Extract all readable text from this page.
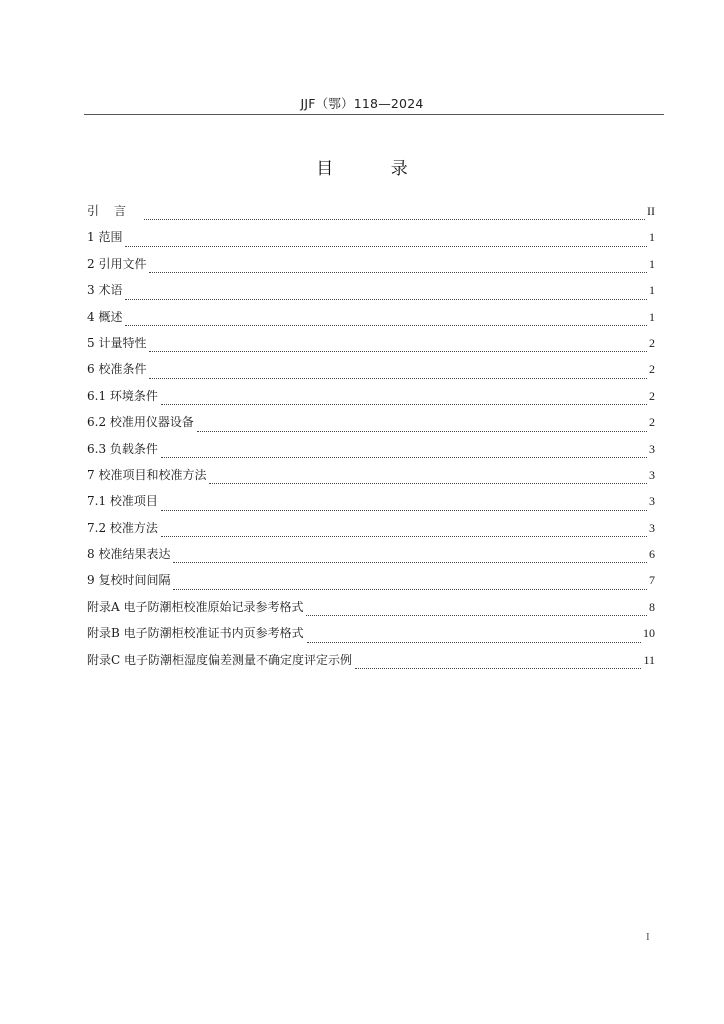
JJF（鄂）118—2024
目 录
引言	II
1 范围	1
2 引用文件	1
3 术语	1
4 概述	1
5 计量特性	2
6 校准条件	2
6.1 环境条件	2
6.2 校准用仪器设备	2
6.3 负载条件	3
7 校准项目和校准方法	3
7.1 校准项目	3
7.2 校准方法	3
8 校准结果表达	6
9 复校时间间隔	7
附录A 电子防潮柜校准原始记录参考格式	8
附录B 电子防潮柜校准证书内页参考格式	10
附录C 电子防潮柜湿度偏差测量不确定度评定示例	11
I
